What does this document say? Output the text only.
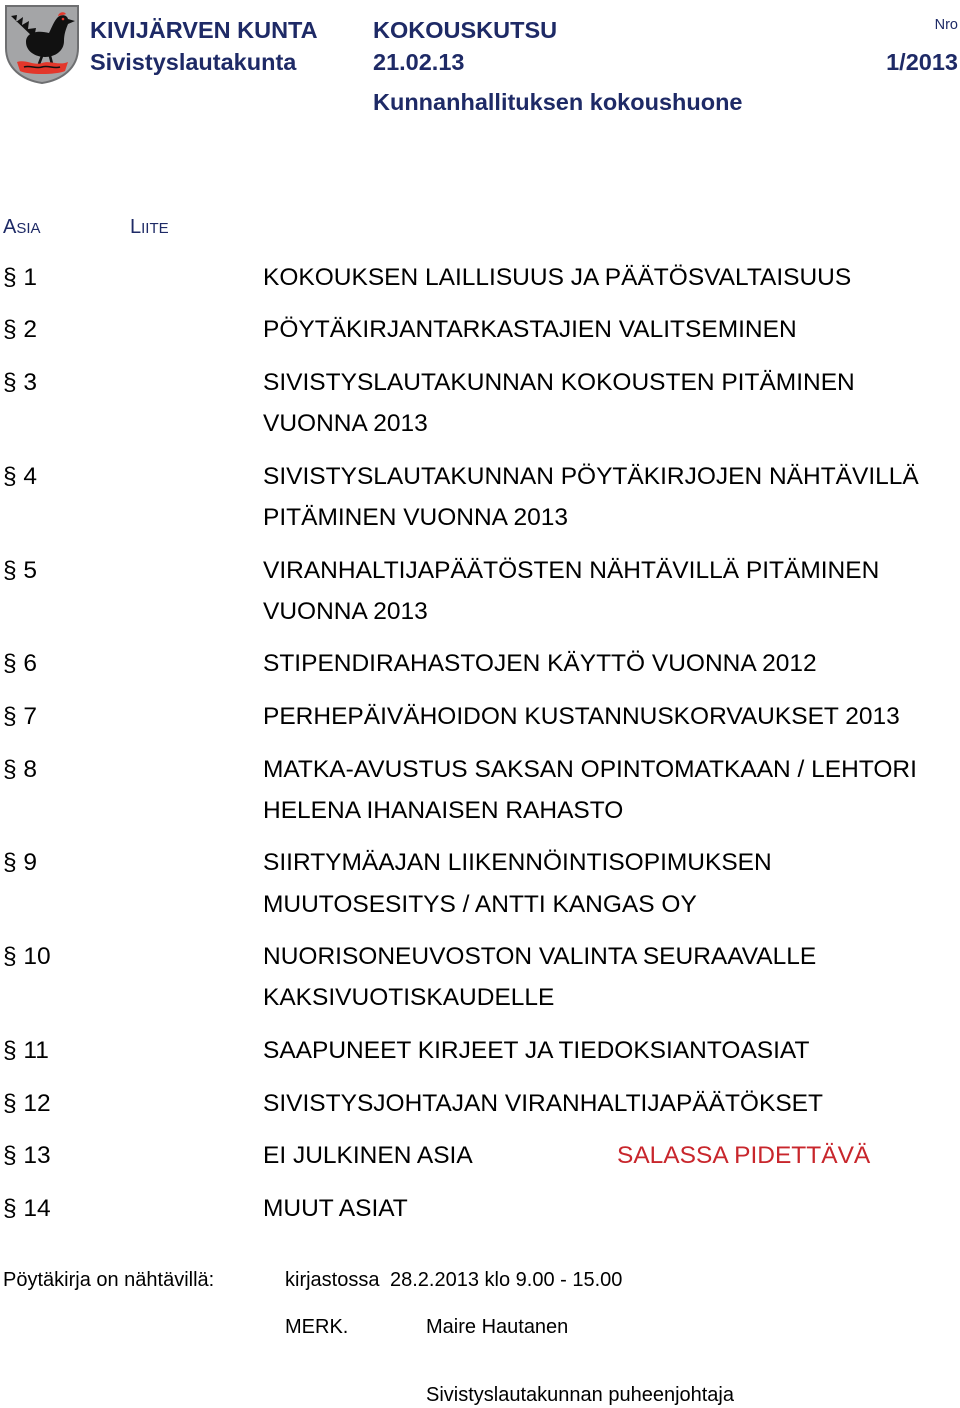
KIVIJÄRVEN KUNTA
Sivistyslautakunta
KOKOUSKUTSU
21.02.13
Nro
1/2013
Kunnanhallituksen kokoushuone
ASIA	LIITE
§ 1	KOKOUKSEN LAILLISUUS JA PÄÄTÖSVALTAISUUS
§ 2	PÖYTÄKIRJANTARKASTAJIEN VALITSEMINEN
§ 3	SIVISTYSLAUTAKUNNAN KOKOUSTEN PITÄMINEN
VUONNA 2013
§ 4	SIVISTYSLAUTAKUNNAN PÖYTÄKIRJOJEN NÄHTÄVILLÄ
PITÄMINEN VUONNA 2013
§ 5	VIRANHALTIJAPÄÄTÖSTEN NÄHTÄVILLÄ PITÄMINEN
VUONNA 2013
§ 6	STIPENDIRAHASTOJEN KÄYTTÖ VUONNA 2012
§ 7	PERHEPÄIVÄHOIDON KUSTANNUSKORVAUKSET 2013
§ 8	MATKA-AVUSTUS SAKSAN OPINTOMATKAAN / LEHTORI
HELENA IHANAISEN RAHASTO
§ 9	SIIRTYMÄAJAN LIIKENNÖINTISOPIMUKSEN
MUUTOSESITYS / ANTTI KANGAS OY
§ 10	NUORISONEUVOSTON VALINTA SEURAAVALLE
KAKSIVUOTISKAUDELLE
§ 11	SAAPUNEET KIRJEET JA TIEDOKSIANTOASIAT
§ 12	SIVISTYSJOHTAJAN VIRANHALTIJAPÄÄTÖKSET
§ 13	EI JULKINEN ASIA	SALASSA PIDETTÄVÄ
§ 14	MUUT ASIAT
Pöytäkirja on nähtävillä:	kirjastossa 28.2.2013 klo 9.00 - 15.00
MERK.	Maire Hautanen
Sivistyslautakunnan puheenjohtaja
